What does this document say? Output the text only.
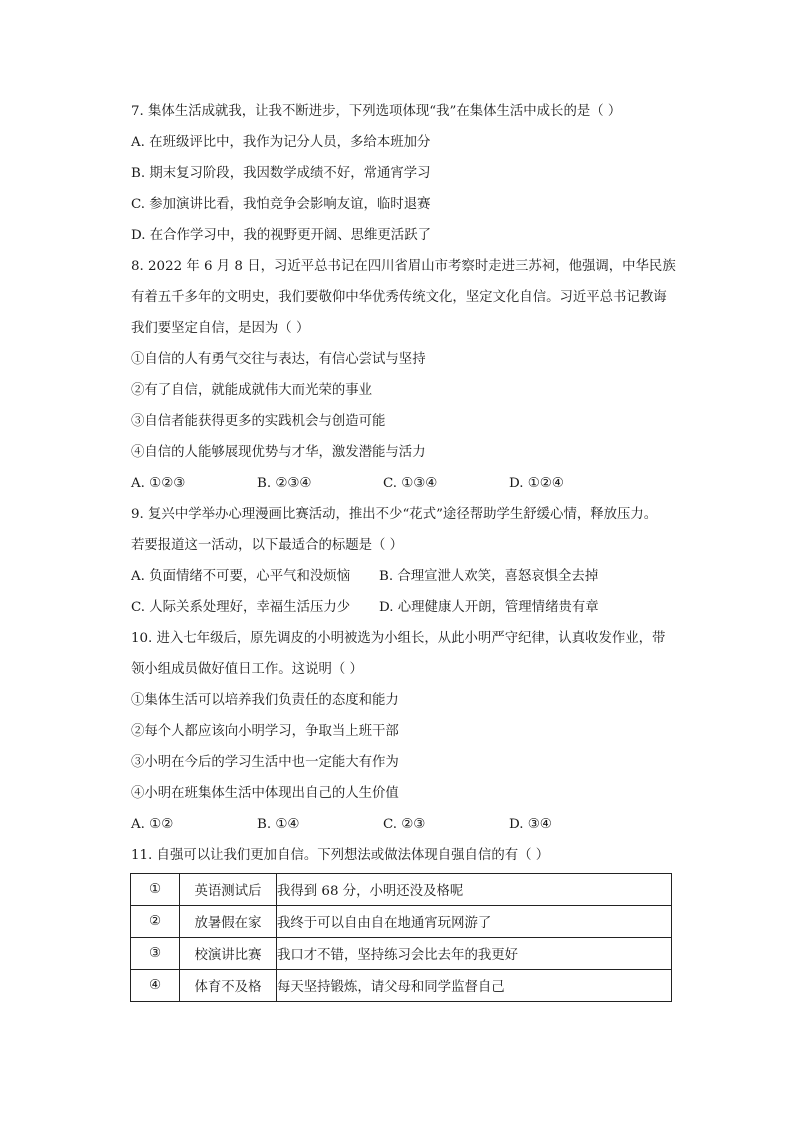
7. 集体生活成就我，让我不断进步，下列选项体现“我”在集体生活中成长的是（ ）
A. 在班级评比中，我作为记分人员，多给本班加分
B. 期末复习阶段，我因数学成绩不好，常通宵学习
C. 参加演讲比看，我怕竞争会影响友谊，临时退赛
D. 在合作学习中，我的视野更开阔、思维更活跃了
8. 2022 年 6 月 8 日，习近平总书记在四川省眉山市考察时走进三苏祠，他强调，中华民族
有着五千多年的文明史，我们要敬仰中华优秀传统文化，坚定文化自信。习近平总书记教诲
我们要坚定自信，是因为（ ）
①自信的人有勇气交往与表达，有信心尝试与坚持
②有了自信，就能成就伟大而光荣的事业
③自信者能获得更多的实践机会与创造可能
④自信的人能够展现优势与才华，激发潜能与活力
A. ①②③	B. ②③④	C. ①③④	D. ①②④
9. 复兴中学举办心理漫画比赛活动，推出不少“花式”途径帮助学生舒缓心情，释放压力。
若要报道这一活动，以下最适合的标题是（ ）
A. 负面情绪不可要，心平气和没烦恼	B. 合理宣泄人欢笑，喜怒哀惧全去掉
C. 人际关系处理好，幸福生活压力少	D. 心理健康人开朗，管理情绪贵有章
10. 进入七年级后，原先调皮的小明被选为小组长，从此小明严守纪律，认真收发作业，带
领小组成员做好值日工作。这说明（ ）
①集体生活可以培养我们负责任的态度和能力
②每个人都应该向小明学习，争取当上班干部
③小明在今后的学习生活中也一定能大有作为
④小明在班集体生活中体现出自己的人生价值
A. ①②	B. ①④	C. ②③	D. ③④
11. 自强可以让我们更加自信。下列想法或做法体现自强自信的有（ ）
①	英语测试后	我得到 68 分，小明还没及格呢
②	放暑假在家	我终于可以自由自在地通宵玩网游了
③	校演讲比赛	我口才不错，坚持练习会比去年的我更好
④	体育不及格	每天坚持锻炼，请父母和同学监督自己
